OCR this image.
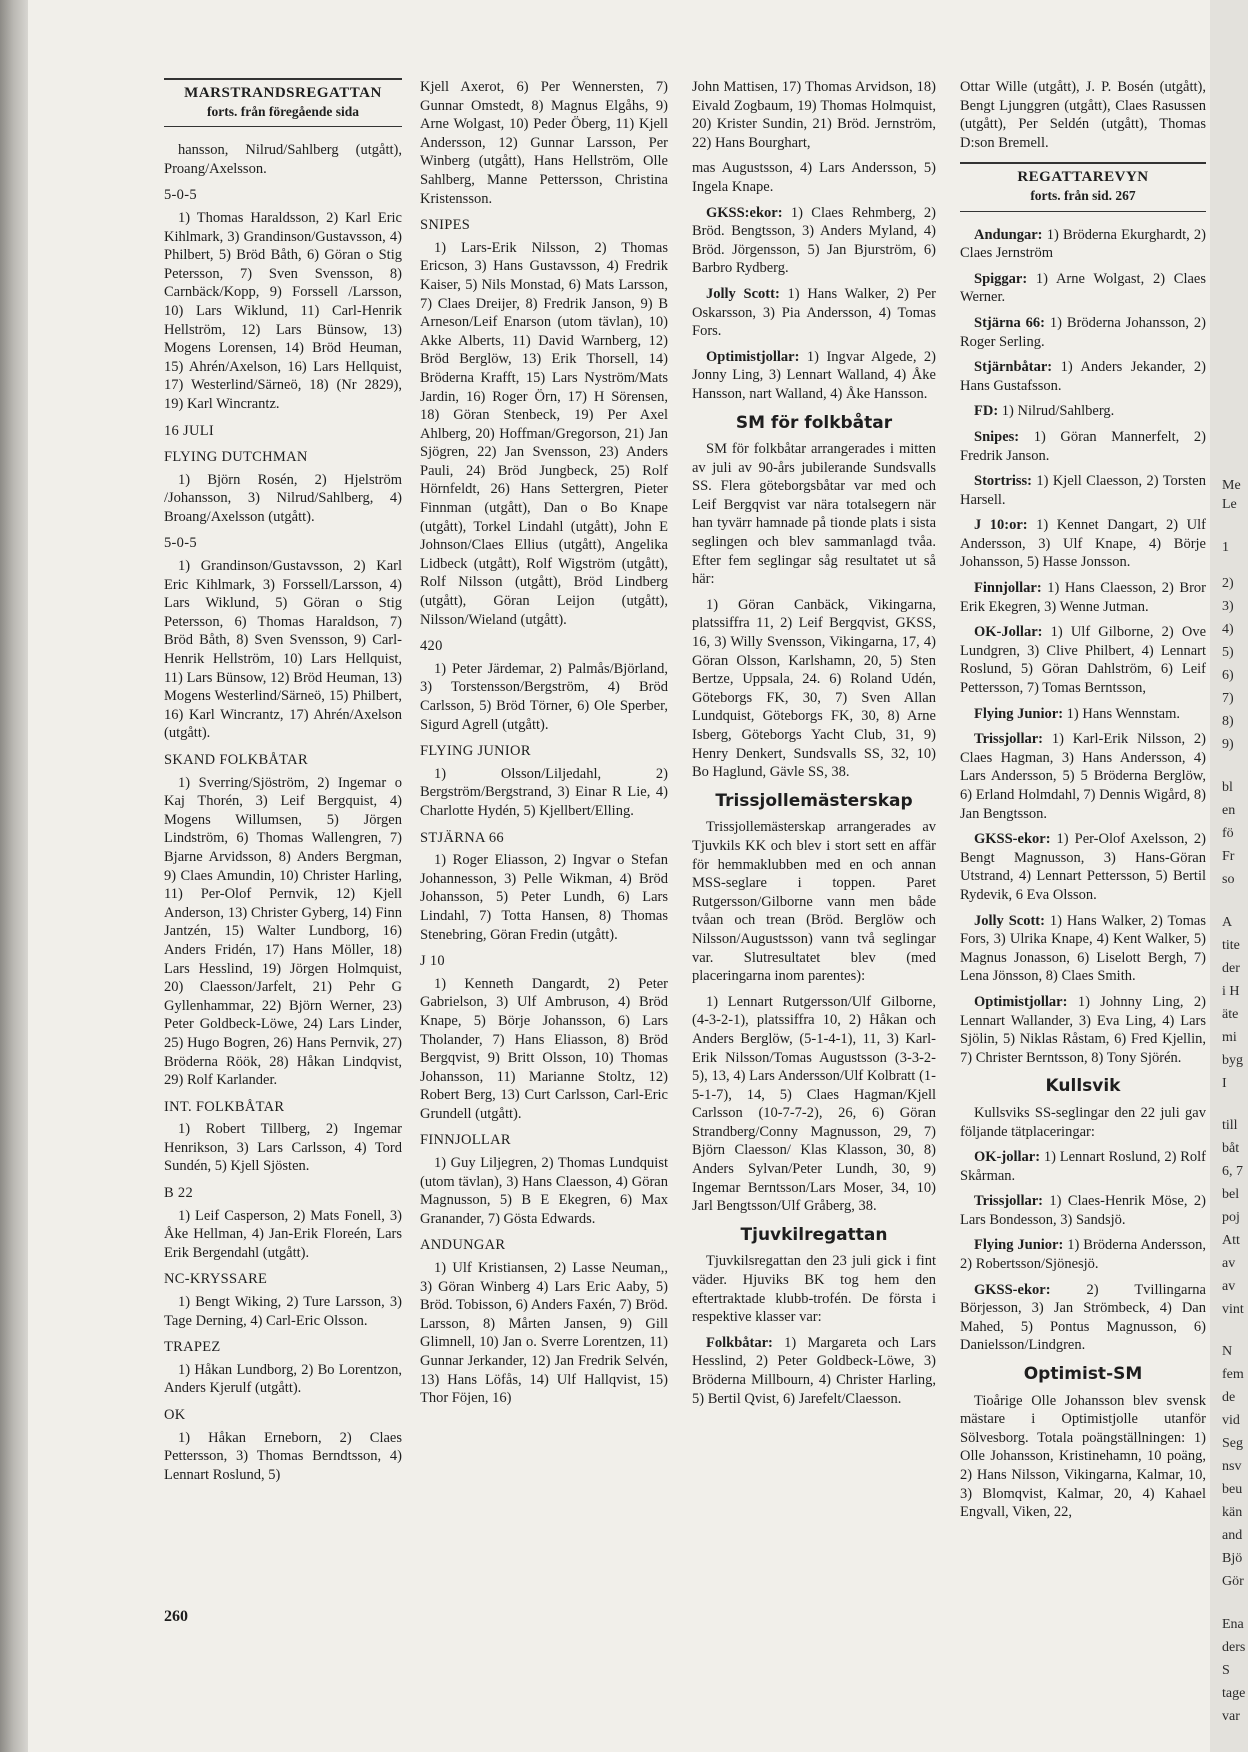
MARSTRANDSREGATTAN
forts. från föregående sida

hansson, Nilrud/Sahlberg (utgått), Proang/Axelsson.

5-0-5

1) Thomas Haraldsson, 2) Karl Eric Kihlmark, 3) Grandinson/Gustavsson, 4) Philbert, 5) Bröd Båth, 6) Göran o Stig Petersson, 7) Sven Svensson, 8) Carnbäck/Kopp, 9) Forssell /Larsson, 10) Lars Wiklund, 11) Carl-Henrik Hellström, 12) Lars Bünsow, 13) Mogens Lorensen, 14) Bröd Heuman, 15) Ahrén/Axelson, 16) Lars Hellquist, 17) Westerlind/Särneö, 18) (Nr 2829), 19) Karl Wincrantz.

16 JULI
FLYING DUTCHMAN

1) Björn Rosén, 2) Hjelström /Johansson, 3) Nilrud/Sahlberg, 4) Broang/Axelsson (utgått).

5-0-5

1) Grandinson/Gustavsson, 2) Karl Eric Kihlmark, 3) Forssell/Larsson, 4) Lars Wiklund, 5) Göran o Stig Petersson, 6) Thomas Haraldson, 7) Bröd Båth, 8) Sven Svensson, 9) Carl-Henrik Hellström, 10) Lars Hellquist, 11) Lars Bünsow, 12) Bröd Heuman, 13) Mogens Westerlind/Särneö, 15) Philbert, 16) Karl Wincrantz, 17) Ahrén/Axelson (utgått).

SKAND FOLKBÅTAR

1) Sverring/Sjöström, 2) Ingemar o Kaj Thorén, 3) Leif Bergquist, 4) Mogens Willumsen, 5) Jörgen Lindström, 6) Thomas Wallengren, 7) Bjarne Arvidsson, 8) Anders Bergman, 9) Claes Amundin, 10) Christer Harling, 11) Per-Olof Pernvik, 12) Kjell Anderson, 13) Christer Gyberg, 14) Finn Jantzén, 15) Walter Lundborg, 16) Anders Fridén, 17) Hans Möller, 18) Lars Hesslind, 19) Jörgen Holmquist, 20) Claesson/Jarfelt, 21) Pehr G Gyllenhammar, 22) Björn Werner, 23) Peter Goldbeck-Löwe, 24) Lars Linder, 25) Hugo Bogren, 26) Hans Pernvik, 27) Bröderna Röök, 28) Håkan Lindqvist, 29) Rolf Karlander.

INT. FOLKBÅTAR

1) Robert Tillberg, 2) Ingemar Henrikson, 3) Lars Carlsson, 4) Tord Sundén, 5) Kjell Sjösten.

B 22

1) Leif Casperson, 2) Mats Fonell, 3) Åke Hellman, 4) Jan-Erik Floreén, Lars Erik Bergendahl (utgått).

NC-KRYSSARE

1) Bengt Wiking, 2) Ture Larsson, 3) Tage Derning, 4) Carl-Eric Olsson.

TRAPEZ

1) Håkan Lundborg, 2) Bo Lorentzon, Anders Kjerulf (utgått).

OK

1) Håkan Erneborn, 2) Claes Pettersson, 3) Thomas Berndtsson, 4) Lennart Roslund, 5)

Kjell Axerot, 6) Per Wennersten, 7) Gunnar Omstedt, 8) Magnus Elgåhs, 9) Arne Wolgast, 10) Peder Öberg, 11) Kjell Andersson, 12) Gunnar Larsson, Per Winberg (utgått), Hans Hellström, Olle Sahlberg, Manne Pettersson, Christina Kristensson.

SNIPES

1) Lars-Erik Nilsson, 2) Thomas Ericson, 3) Hans Gustavsson, 4) Fredrik Kaiser, 5) Nils Monstad, 6) Mats Larsson, 7) Claes Dreijer, 8) Fredrik Janson, 9) B Arneson/Leif Enarson (utom tävlan), 10) Akke Alberts, 11) David Warnberg, 12) Bröd Berglöw, 13) Erik Thorsell, 14) Bröderna Krafft, 15) Lars Nyström/Mats Jardin, 16) Roger Örn, 17) H Sörensen, 18) Göran Stenbeck, 19) Per Axel Ahlberg, 20) Hoffman/Gregorson, 21) Jan Sjögren, 22) Jan Svensson, 23) Anders Pauli, 24) Bröd Jungbeck, 25) Rolf Hörnfeldt, 26) Hans Settergren, Pieter Finnman (utgått), Dan o Bo Knape (utgått), Torkel Lindahl (utgått), John E Johnson/Claes Ellius (utgått), Angelika Lidbeck (utgått), Rolf Wigström (utgått), Rolf Nilsson (utgått), Bröd Lindberg (utgått), Göran Leijon (utgått), Nilsson/Wieland (utgått).

420

1) Peter Järdemar, 2) Palmås/Björland, 3) Torstensson/Bergström, 4) Bröd Carlsson, 5) Bröd Törner, 6) Ole Sperber, Sigurd Agrell (utgått).

FLYING JUNIOR

1) Olsson/Liljedahl, 2) Bergström/Bergstrand, 3) Einar R Lie, 4) Charlotte Hydén, 5) Kjellbert/Elling.

STJÄRNA 66

1) Roger Eliasson, 2) Ingvar o Stefan Johannesson, 3) Pelle Wikman, 4) Bröd Johansson, 5) Peter Lundh, 6) Lars Lindahl, 7) Totta Hansen, 8) Thomas Stenebring, Göran Fredin (utgått).

J 10

1) Kenneth Dangardt, 2) Peter Gabrielson, 3) Ulf Ambruson, 4) Bröd Knape, 5) Börje Johansson, 6) Lars Tholander, 7) Hans Eliasson, 8) Bröd Bergqvist, 9) Britt Olsson, 10) Thomas Johansson, 11) Marianne Stoltz, 12) Robert Berg, 13) Curt Carlsson, Carl-Eric Grundell (utgått).

FINNJOLLAR

1) Guy Liljegren, 2) Thomas Lundquist (utom tävlan), 3) Hans Claesson, 4) Göran Magnusson, 5) B E Ekegren, 6) Max Granander, 7) Gösta Edwards.

ANDUNGAR

1) Ulf Kristiansen, 2) Lasse Neuman,, 3) Göran Winberg 4) Lars Eric Aaby, 5) Bröd. Tobisson, 6) Anders Faxén, 7) Bröd. Larsson, 8) Mårten Jansen, 9) Gill Glimnell, 10) Jan o. Sverre Lorentzen, 11) Gunnar Jerkander, 12) Jan Fredrik Selvén, 13) Hans Löfås, 14) Ulf Hallqvist, 15) Thor Föjen, 16)

John Mattisen, 17) Thomas Arvidson, 18) Eivald Zogbaum, 19) Thomas Holmquist, 20) Krister Sundin, 21) Bröd. Jernström, 22) Hans Bourghart,

mas Augustsson, 4) Lars Andersson, 5) Ingela Knape.

GKSS:ekor: 1) Claes Rehmberg, 2) Bröd. Bengtsson, 3) Anders Myland, 4) Bröd. Jörgensson, 5) Jan Bjurström, 6) Barbro Rydberg.

Jolly Scott: 1) Hans Walker, 2) Per Oskarsson, 3) Pia Andersson, 4) Tomas Fors.

Optimistjollar: 1) Ingvar Algede, 2) Jonny Ling, 3) Lennart Walland, 4) Åke Hansson, nart Walland, 4) Åke Hansson.

SM för folkbåtar

SM för folkbåtar arrangerades i mitten av juli av 90-års jubilerande Sundsvalls SS. Flera göteborgsbåtar var med och Leif Bergqvist var nära totalsegern när han tyvärr hamnade på tionde plats i sista seglingen och blev sammanlagd tvåa. Efter fem seglingar såg resultatet ut så här:

1) Göran Canbäck, Vikingarna, platssiffra 11, 2) Leif Bergqvist, GKSS, 16, 3) Willy Svensson, Vikingarna, 17, 4) Göran Olsson, Karlshamn, 20, 5) Sten Bertze, Uppsala, 24. 6) Roland Udén, Göteborgs FK, 30, 7) Sven Allan Lundquist, Göteborgs FK, 30, 8) Arne Isberg, Göteborgs Yacht Club, 31, 9) Henry Denkert, Sundsvalls SS, 32, 10) Bo Haglund, Gävle SS, 38.

Trissjollemästerskap

Trissjollemästerskap arrangerades av Tjuvkils KK och blev i stort sett en affär för hemmaklubben med en och annan MSS-seglare i toppen. Paret Rutgersson/Gilborne vann men både tvåan och trean (Bröd. Berglöw och Nilsson/Augustsson) vann två seglingar var. Slutresultatet blev (med placeringarna inom parentes):

1) Lennart Rutgersson/Ulf Gilborne, (4-3-2-1), platssiffra 10, 2) Håkan och Anders Berglöw, (5-1-4-1), 11, 3) Karl-Erik Nilsson/Tomas Augustsson (3-3-2-5), 13, 4) Lars Andersson/Ulf Kolbratt (1-5-1-7), 14, 5) Claes Hagman/Kjell Carlsson (10-7-7-2), 26, 6) Göran Strandberg/Conny Magnusson, 29, 7) Björn Claesson/ Klas Klasson, 30, 8) Anders Sylvan/Peter Lundh, 30, 9) Ingemar Berntsson/Lars Moser, 34, 10) Jarl Bengtsson/Ulf Gråberg, 38.

Tjuvkilregattan

Tjuvkilsregattan den 23 juli gick i fint väder. Hjuviks BK tog hem den eftertraktade klubb-trofén. De första i respektive klasser var:

Folkbåtar: 1) Margareta och Lars Hesslind, 2) Peter Goldbeck-Löwe, 3) Bröderna Millbourn, 4) Christer Harling, 5) Bertil Qvist, 6) Jarefelt/Claesson.

Ottar Wille (utgått), J. P. Bosén (utgått), Bengt Ljunggren (utgått), Claes Rasussen (utgått), Per Seldén (utgått), Thomas D:son Bremell.

REGATTAREVYN
forts. från sid. 267

Andungar: 1) Bröderna Ekurghardt, 2) Claes Jernström

Spiggar: 1) Arne Wolgast, 2) Claes Werner.

Stjärna 66: 1) Bröderna Johansson, 2) Roger Serling.

Stjärnbåtar: 1) Anders Jekander, 2) Hans Gustafsson.

FD: 1) Nilrud/Sahlberg.

Snipes: 1) Göran Mannerfelt, 2) Fredrik Janson.

Stortriss: 1) Kjell Claesson, 2) Torsten Harsell.

J 10:or: 1) Kennet Dangart, 2) Ulf Andersson, 3) Ulf Knape, 4) Börje Johansson, 5) Hasse Jonsson.

Finnjollar: 1) Hans Claesson, 2) Bror Erik Ekegren, 3) Wenne Jutman.

OK-Jollar: 1) Ulf Gilborne, 2) Ove Lundgren, 3) Clive Philbert, 4) Lennart Roslund, 5) Göran Dahlström, 6) Leif Pettersson, 7) Tomas Berntsson,

Flying Junior: 1) Hans Wennstam.

Trissjollar: 1) Karl-Erik Nilsson, 2) Claes Hagman, 3) Hans Andersson, 4) Lars Andersson, 5) 5 Bröderna Berglöw, 6) Erland Holmdahl, 7) Dennis Wigård, 8) Jan Bengtsson.

GKSS-ekor: 1) Per-Olof Axelsson, 2) Bengt Magnusson, 3) Hans-Göran Utstrand, 4) Lennart Pettersson, 5) Bertil Rydevik, 6 Eva Olsson.

Jolly Scott: 1) Hans Walker, 2) Tomas Fors, 3) Ulrika Knape, 4) Kent Walker, 5) Magnus Jonasson, 6) Liselott Bergh, 7) Lena Jönsson, 8) Claes Smith.

Optimistjollar: 1) Johnny Ling, 2) Lennart Wallander, 3) Eva Ling, 4) Lars Sjölin, 5) Niklas Råstam, 6) Fred Kjellin, 7) Christer Berntsson, 8) Tony Sjörén.

Kullsvik

Kullsviks SS-seglingar den 22 juli gav följande tätplaceringar:

OK-jollar: 1) Lennart Roslund, 2) Rolf Skårman.

Trissjollar: 1) Claes-Henrik Möse, 2) Lars Bondesson, 3) Sandsjö.

Flying Junior: 1) Bröderna Andersson, 2) Robertsson/Sjönesjö.

GKSS-ekor: 2) Tvillingarna Börjesson, 3) Jan Strömbeck, 4) Dan Mahed, 5) Pontus Magnusson, 6) Danielsson/Lindgren.

Optimist-SM

Tioårige Olle Johansson blev svensk mästare i Optimistjolle utanför Sölvesborg. Totala poängställningen: 1) Olle Johansson, Kristinehamn, 10 poäng, 2) Hans Nilsson, Vikingarna, Kalmar, 10, 3) Blomqvist, Kalmar, 20, 4) Kahael Engvall, Viken, 22,

260
Me
Le
1
2)
3)
4)
5)
6)
7)
8)
9)
bl
en
fö
Fr
so
A
tite
der
i H
äte
mi
byg
I
till
båt
6, 7
bel
poj
Att
av
av
vint
N
fem
de
vid
Seg
nsv
beu
kän
and
Bjö
Gör
Ena
ders
S
tage
var
